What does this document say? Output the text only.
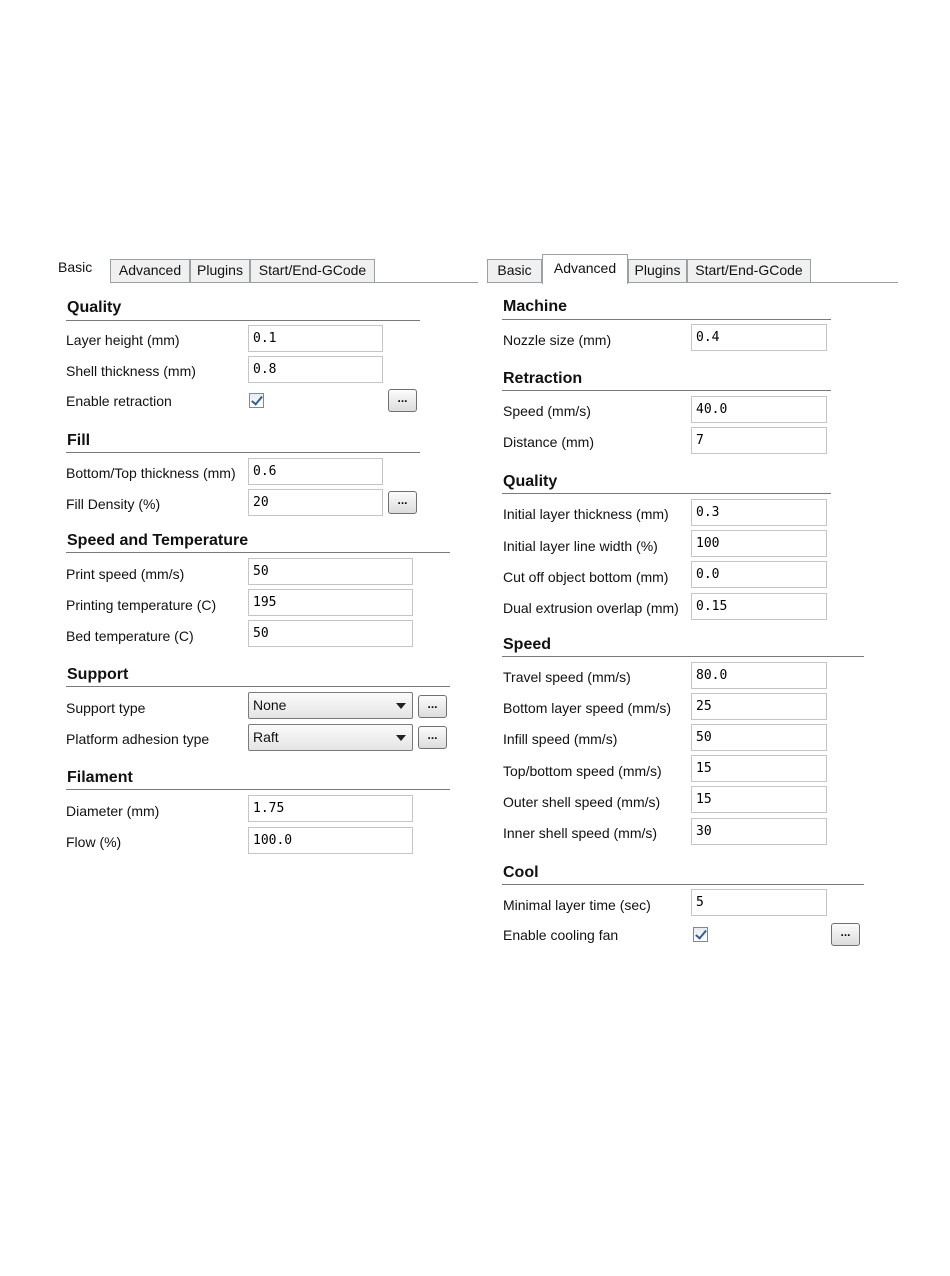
Basic	Advanced	Plugins	Start/End-GCode
Quality
Layer height (mm)	0.1
Shell thickness (mm)	0.8
Enable retraction	...
Fill
Bottom/Top thickness (mm)	0.6
Fill Density (%)	20	...
Speed and Temperature
Print speed (mm/s)	50
Printing temperature (C)	195
Bed temperature (C)	50
Support
Support type	None	...
Platform adhesion type	Raft	...
Filament
Diameter (mm)	1.75
Flow (%)	100.0
Basic	Advanced	Plugins	Start/End-GCode
Machine
Nozzle size (mm)	0.4
Retraction
Speed (mm/s)	40.0
Distance (mm)	7
Quality
Initial layer thickness (mm)	0.3
Initial layer line width (%)	100
Cut off object bottom (mm)	0.0
Dual extrusion overlap (mm)	0.15
Speed
Travel speed (mm/s)	80.0
Bottom layer speed (mm/s)	25
Infill speed (mm/s)	50
Top/bottom speed (mm/s)	15
Outer shell speed (mm/s)	15
Inner shell speed (mm/s)	30
Cool
Minimal layer time (sec)	5
Enable cooling fan	...
